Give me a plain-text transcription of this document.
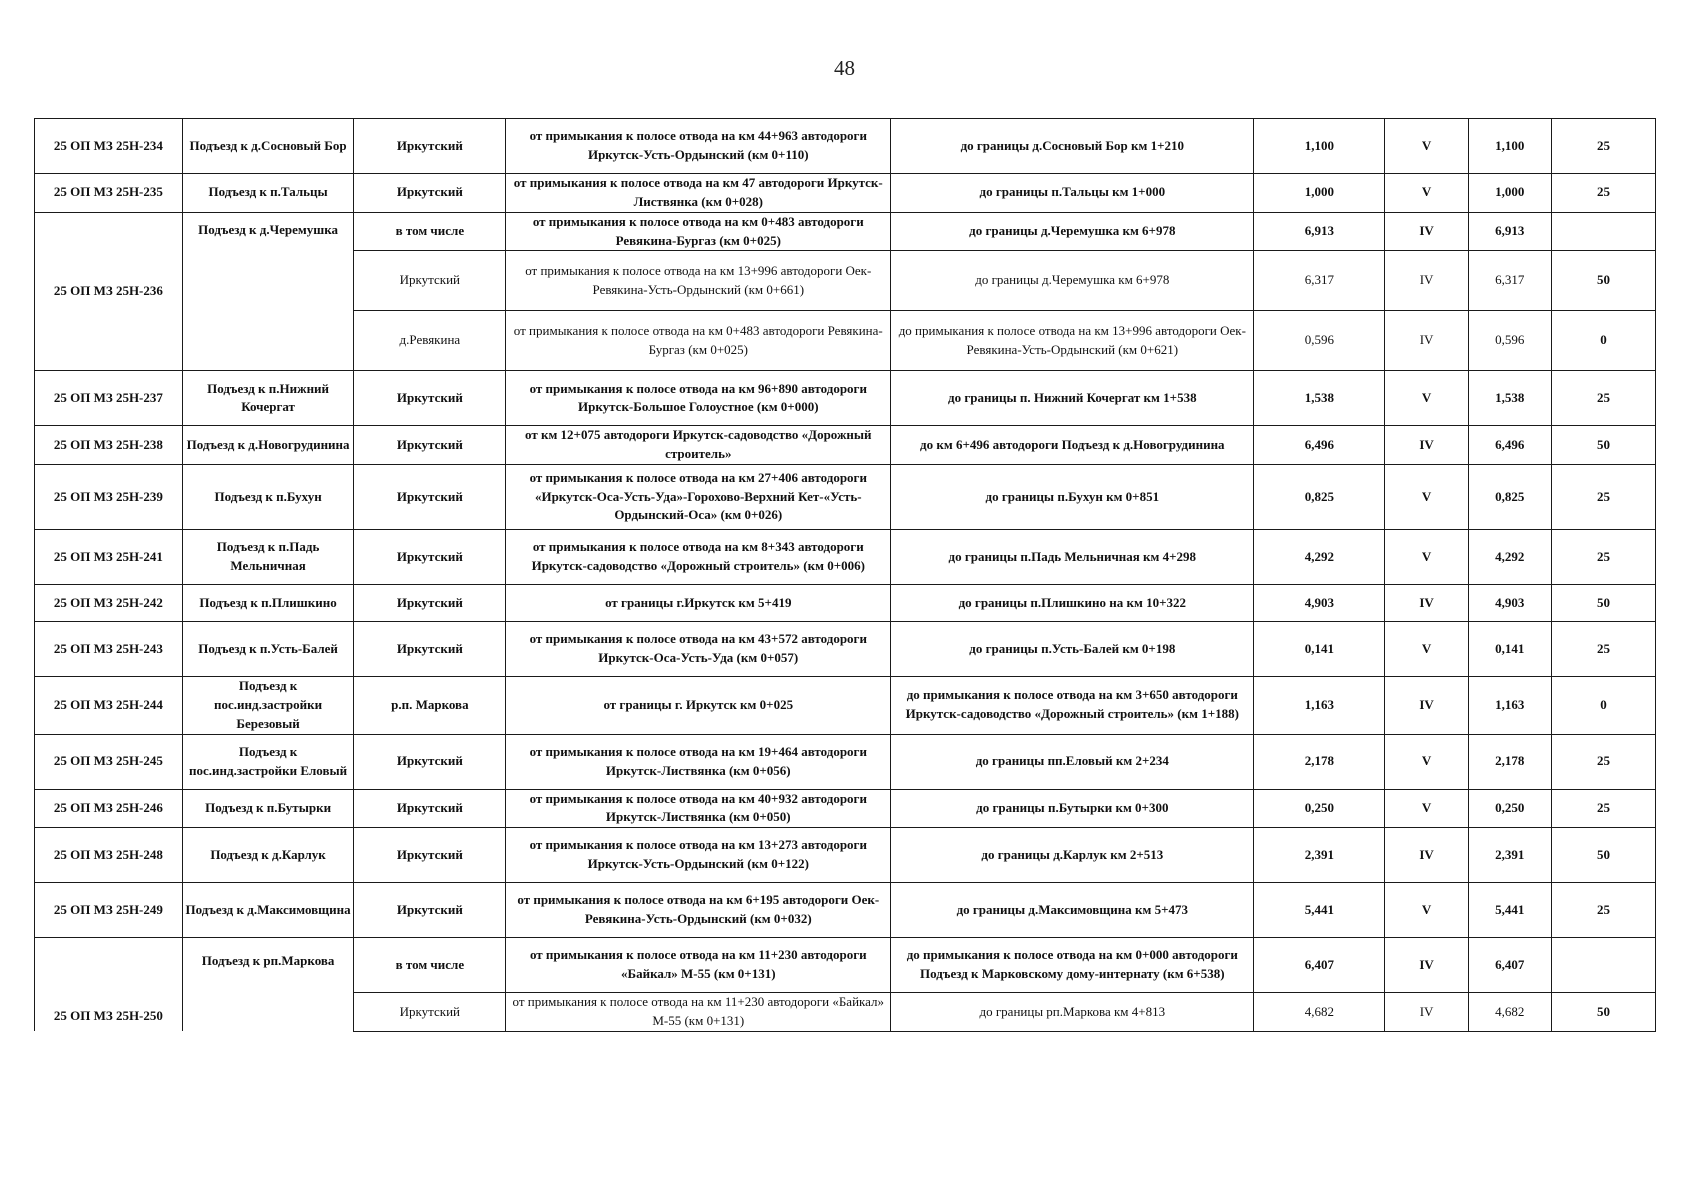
48
25 ОП МЗ 25Н-234	Подъезд к д.Сосновый Бор	Иркутский	от примыкания к полосе отвода на км 44+963 автодороги Иркутск-Усть-Ордынский (км 0+110)	до границы д.Сосновый Бор км 1+210	1,100	V	1,100	25
25 ОП МЗ 25Н-235	Подъезд к п.Тальцы	Иркутский	от примыкания к полосе отвода на км 47 автодороги Иркутск-Листвянка (км 0+028)	до границы п.Тальцы км 1+000	1,000	V	1,000	25
25 ОП МЗ 25Н-236	Подъезд к д.Черемушка	в том числе	от примыкания к полосе отвода на км 0+483 автодороги Ревякина-Бургаз (км 0+025)	до границы д.Черемушка км 6+978	6,913	IV	6,913	
		Иркутский	от примыкания к полосе отвода на км 13+996 автодороги Оек-Ревякина-Усть-Ордынский (км 0+661)	до границы д.Черемушка км 6+978	6,317	IV	6,317	50
		д.Ревякина	от примыкания к полосе отвода на км 0+483 автодороги Ревякина-Бургаз (км 0+025)	до примыкания к полосе отвода на км 13+996 автодороги Оек-Ревякина-Усть-Ордынский (км 0+621)	0,596	IV	0,596	0
25 ОП МЗ 25Н-237	Подъезд к п.Нижний Кочергат	Иркутский	от примыкания к полосе отвода на км 96+890 автодороги Иркутск-Большое Голоустное (км 0+000)	до границы п. Нижний Кочергат км 1+538	1,538	V	1,538	25
25 ОП МЗ 25Н-238	Подъезд к д.Новогрудинина	Иркутский	от км 12+075 автодороги Иркутск-садоводство «Дорожный строитель»	до км 6+496 автодороги Подъезд к д.Новогрудинина	6,496	IV	6,496	50
25 ОП МЗ 25Н-239	Подъезд к п.Бухун	Иркутский	от примыкания к полосе отвода на км 27+406 автодороги «Иркутск-Оса-Усть-Уда»-Горохово-Верхний Кет-«Усть-Ордынский-Оса» (км 0+026)	до границы п.Бухун км 0+851	0,825	V	0,825	25
25 ОП МЗ 25Н-241	Подъезд к п.Падь Мельничная	Иркутский	от примыкания к полосе отвода на км 8+343 автодороги Иркутск-садоводство «Дорожный строитель» (км 0+006)	до границы п.Падь Мельничная км 4+298	4,292	V	4,292	25
25 ОП МЗ 25Н-242	Подъезд к п.Плишкино	Иркутский	от границы г.Иркутск км 5+419	до границы п.Плишкино на км 10+322	4,903	IV	4,903	50
25 ОП МЗ 25Н-243	Подъезд к п.Усть-Балей	Иркутский	от примыкания к полосе отвода на км 43+572 автодороги Иркутск-Оса-Усть-Уда (км 0+057)	до границы п.Усть-Балей км 0+198	0,141	V	0,141	25
25 ОП МЗ 25Н-244	Подъезд к пос.инд.застройки Березовый	р.п. Маркова	от границы г. Иркутск км 0+025	до примыкания к полосе отвода на км 3+650 автодороги Иркутск-садоводство «Дорожный строитель» (км 1+188)	1,163	IV	1,163	0
25 ОП МЗ 25Н-245	Подъезд к пос.инд.застройки Еловый	Иркутский	от примыкания к полосе отвода на км 19+464 автодороги Иркутск-Листвянка (км 0+056)	до границы пп.Еловый км 2+234	2,178	V	2,178	25
25 ОП МЗ 25Н-246	Подъезд к п.Бутырки	Иркутский	от примыкания к полосе отвода на км 40+932 автодороги Иркутск-Листвянка (км 0+050)	до границы п.Бутырки км 0+300	0,250	V	0,250	25
25 ОП МЗ 25Н-248	Подъезд к д.Карлук	Иркутский	от примыкания к полосе отвода на км 13+273 автодороги Иркутск-Усть-Ордынский (км 0+122)	до границы д.Карлук км 2+513	2,391	IV	2,391	50
25 ОП МЗ 25Н-249	Подъезд к д.Максимовщина	Иркутский	от примыкания к полосе отвода на км 6+195 автодороги Оек-Ревякина-Усть-Ордынский (км 0+032)	до границы д.Максимовщина км 5+473	5,441	V	5,441	25
25 ОП МЗ 25Н-250	Подъезд к рп.Маркова	в том числе	от примыкания к полосе отвода на км 11+230 автодороги «Байкал» М-55 (км 0+131)	до примыкания к полосе отвода на км 0+000 автодороги Подъезд к Марковскому дому-интернату (км 6+538)	6,407	IV	6,407	
		Иркутский	от примыкания к полосе отвода на км 11+230 автодороги «Байкал» М-55 (км 0+131)	до границы рп.Маркова км 4+813	4,682	IV	4,682	50
